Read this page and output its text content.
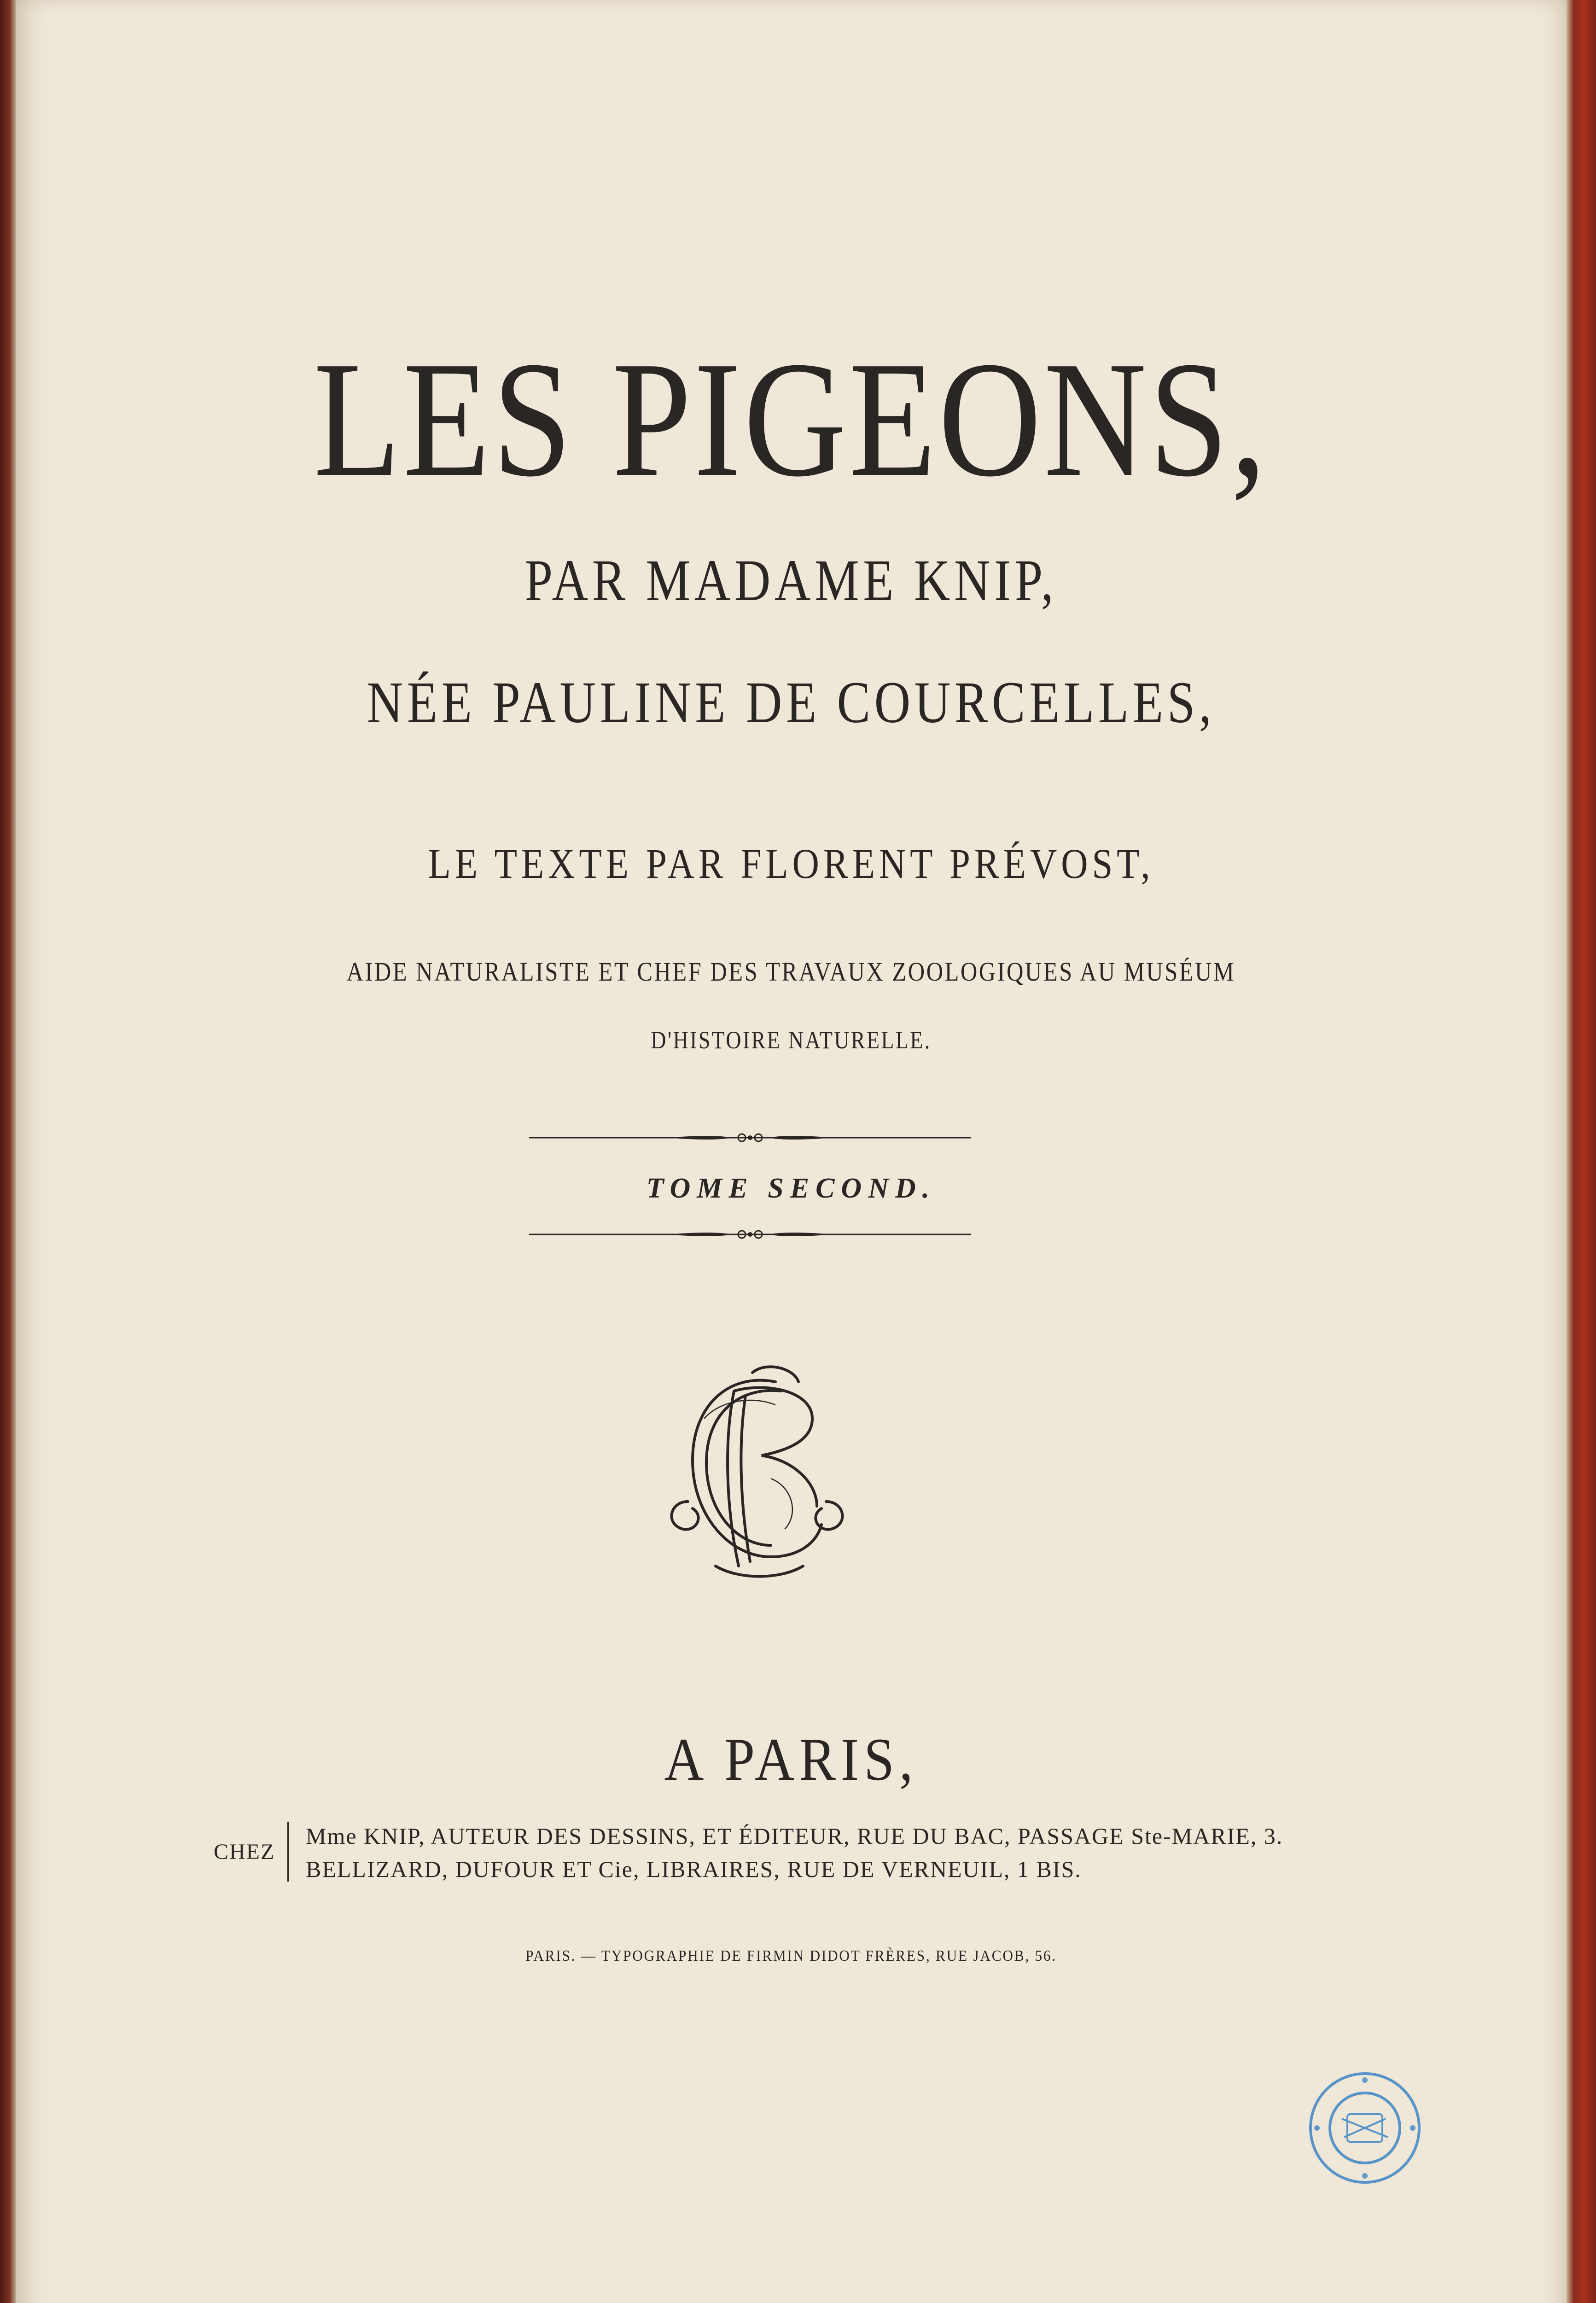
LES PIGEONS,
PAR MADAME KNIP,
NÉE PAULINE DE COURCELLES,
LE TEXTE PAR FLORENT PRÉVOST,
AIDE NATURALISTE ET CHEF DES TRAVAUX ZOOLOGIQUES AU MUSÉUM
D'HISTOIRE NATURELLE.
TOME SECOND.
A PARIS,
CHEZ
Mme KNIP, AUTEUR DES DESSINS, ET ÉDITEUR, RUE DU BAC, PASSAGE Ste-MARIE, 3.
BELLIZARD, DUFOUR ET Cie, LIBRAIRES, RUE DE VERNEUIL, 1 BIS.
PARIS. — TYPOGRAPHIE DE FIRMIN DIDOT FRÈRES, RUE JACOB, 56.
